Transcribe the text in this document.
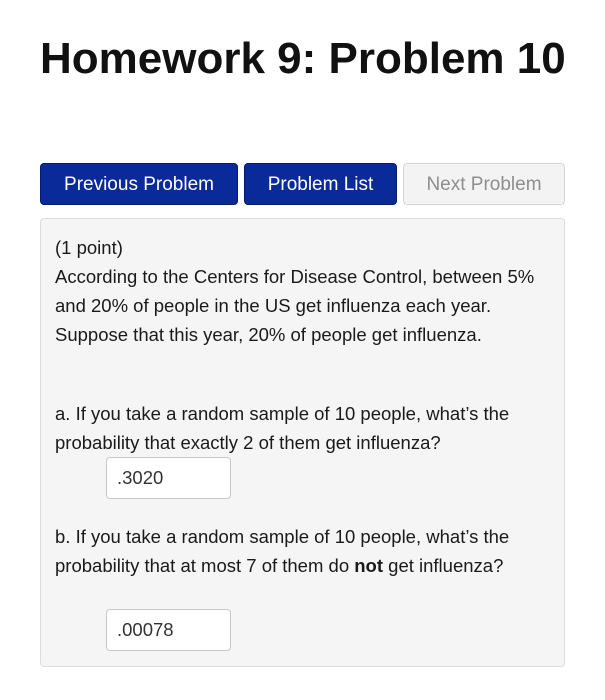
Homework 9: Problem 10
Previous Problem	Problem List	Next Problem
(1 point)
According to the Centers for Disease Control, between 5% and 20% of people in the US get influenza each year. Suppose that this year, 20% of people get influenza.
a. If you take a random sample of 10 people, what’s the probability that exactly 2 of them get influenza?
.3020
b. If you take a random sample of 10 people, what’s the probability that at most 7 of them do not get influenza?
.00078
